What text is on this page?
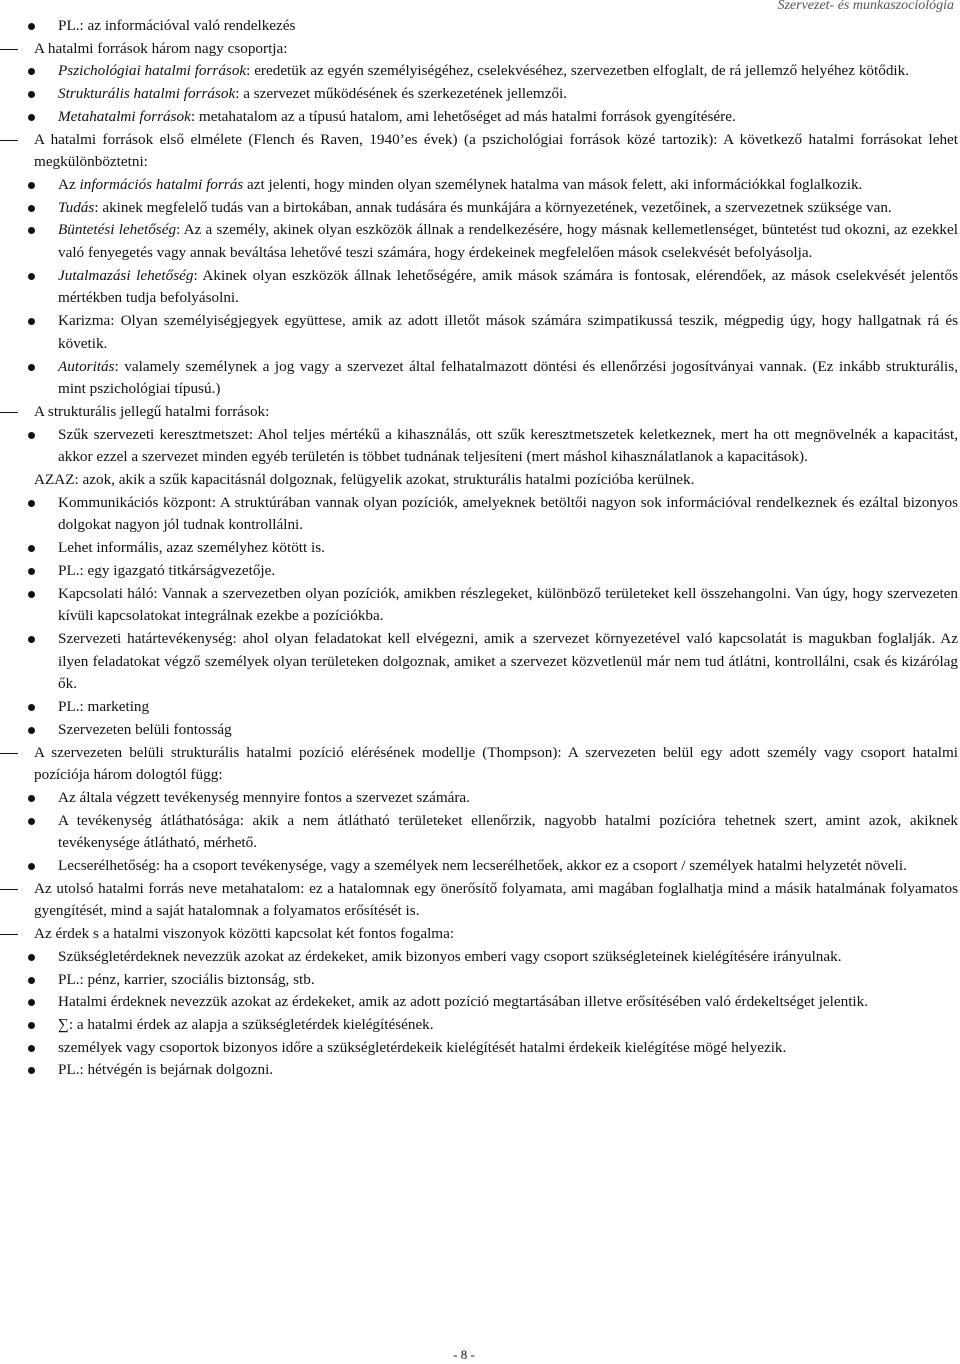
Szervezet- és munkaszociológia
PL.: az információval való rendelkezés
A hatalmi források három nagy csoportja:
Pszichológiai hatalmi források: eredetük az egyén személyiségéhez, cselekvéséhez, szervezetben elfoglalt, de rá jellemző helyéhez kötődik.
Strukturális hatalmi források: a szervezet működésének és szerkezetének jellemzői.
Metahatalmi források: metahatalom az a típusú hatalom, ami lehetőséget ad más hatalmi források gyengítésére.
A hatalmi források első elmélete (Flench és Raven, 1940’es évek) (a pszichológiai források közé tartozik): A következő hatalmi forrásokat lehet megkülönböztetni:
Az információs hatalmi forrás azt jelenti, hogy minden olyan személynek hatalma van mások felett, aki információkkal foglalkozik.
Tudás: akinek megfelelő tudás van a birtokában, annak tudására és munkájára a környezetének, vezetőinek, a szervezetnek szüksége van.
Büntetési lehetőség: Az a személy, akinek olyan eszközök állnak a rendelkezésére, hogy másnak kellemetlenséget, büntetést tud okozni, az ezekkel való fenyegetés vagy annak beváltása lehetővé teszi számára, hogy érdekeinek megfelelően mások cselekvését befolyásolja.
Jutalmazási lehetőség: Akinek olyan eszközök állnak lehetőségére, amik mások számára is fontosak, elérendőek, az mások cselekvését jelentős mértékben tudja befolyásolni.
Karizma: Olyan személyiségjegyek együttese, amik az adott illetőt mások számára szimpatikussá teszik, mégpedig úgy, hogy hallgatnak rá és követik.
Autoritás: valamely személynek a jog vagy a szervezet által felhatalmazott döntési és ellenőrzési jogosítványai vannak. (Ez inkább strukturális, mint pszichológiai típusú.)
A strukturális jellegű hatalmi források:
Szűk szervezeti keresztmetszet: Ahol teljes mértékű a kihasználás, ott szűk keresztmetszetek keletkeznek, mert ha ott megnövelnék a kapacitást, akkor ezzel a szervezet minden egyéb területén is többet tudnának teljesíteni (mert máshol kihasználatlanok a kapacitások).
AZAZ: azok, akik a szűk kapacitásnál dolgoznak, felügyelik azokat, strukturális hatalmi pozícióba kerülnek.
Kommunikációs központ: A struktúrában vannak olyan pozíciók, amelyeknek betöltői nagyon sok információval rendelkeznek és ezáltal bizonyos dolgokat nagyon jól tudnak kontrollálni.
Lehet informális, azaz személyhez kötött is.
PL.: egy igazgató titkárságvezetője.
Kapcsolati háló: Vannak a szervezetben olyan pozíciók, amikben részlegeket, különböző területeket kell összehangolni. Van úgy, hogy szervezeten kívüli kapcsolatokat integrálnak ezekbe a pozíciókba.
Szervezeti határtevékenység: ahol olyan feladatokat kell elvégezni, amik a szervezet környezetével való kapcsolatát is magukban foglalják. Az ilyen feladatokat végző személyek olyan területeken dolgoznak, amiket a szervezet közvetlenül már nem tud átlátni, kontrollálni, csak és kizárólag ők.
PL.: marketing
Szervezeten belüli fontosság
A szervezeten belüli strukturális hatalmi pozíció elérésének modellje (Thompson): A szervezeten belül egy adott személy vagy csoport hatalmi pozíciója három dologtól függ:
Az általa végzett tevékenység mennyire fontos a szervezet számára.
A tevékenység átláthatósága: akik a nem átlátható területeket ellenőrzik, nagyobb hatalmi pozícióra tehetnek szert, amint azok, akiknek tevékenysége átlátható, mérhető.
Lecserélhetőség: ha a csoport tevékenysége, vagy a személyek nem lecserélhetőek, akkor ez a csoport / személyek hatalmi helyzetét növeli.
Az utolsó hatalmi forrás neve metahatalom: ez a hatalomnak egy önerősítő folyamata, ami magában foglalhatja mind a másik hatalmának folyamatos gyengítését, mind a saját hatalomnak a folyamatos erősítését is.
Az érdek s a hatalmi viszonyok közötti kapcsolat két fontos fogalma:
Szükségletérdeknek nevezzük azokat az érdekeket, amik bizonyos emberi vagy csoport szükségleteinek kielégítésére irányulnak.
PL.: pénz, karrier, szociális biztonság, stb.
Hatalmi érdeknek nevezzük azokat az érdekeket, amik az adott pozíció megtartásában illetve erősítésében való érdekeltséget jelentik.
∑: a hatalmi érdek az alapja a szükségletérdek kielégítésének.
személyek vagy csoportok bizonyos időre a szükségletérdekeik kielégítését hatalmi érdekeik kielégítése mögé helyezik.
PL.: hétvégén is bejárnak dolgozni.
- 8 -
